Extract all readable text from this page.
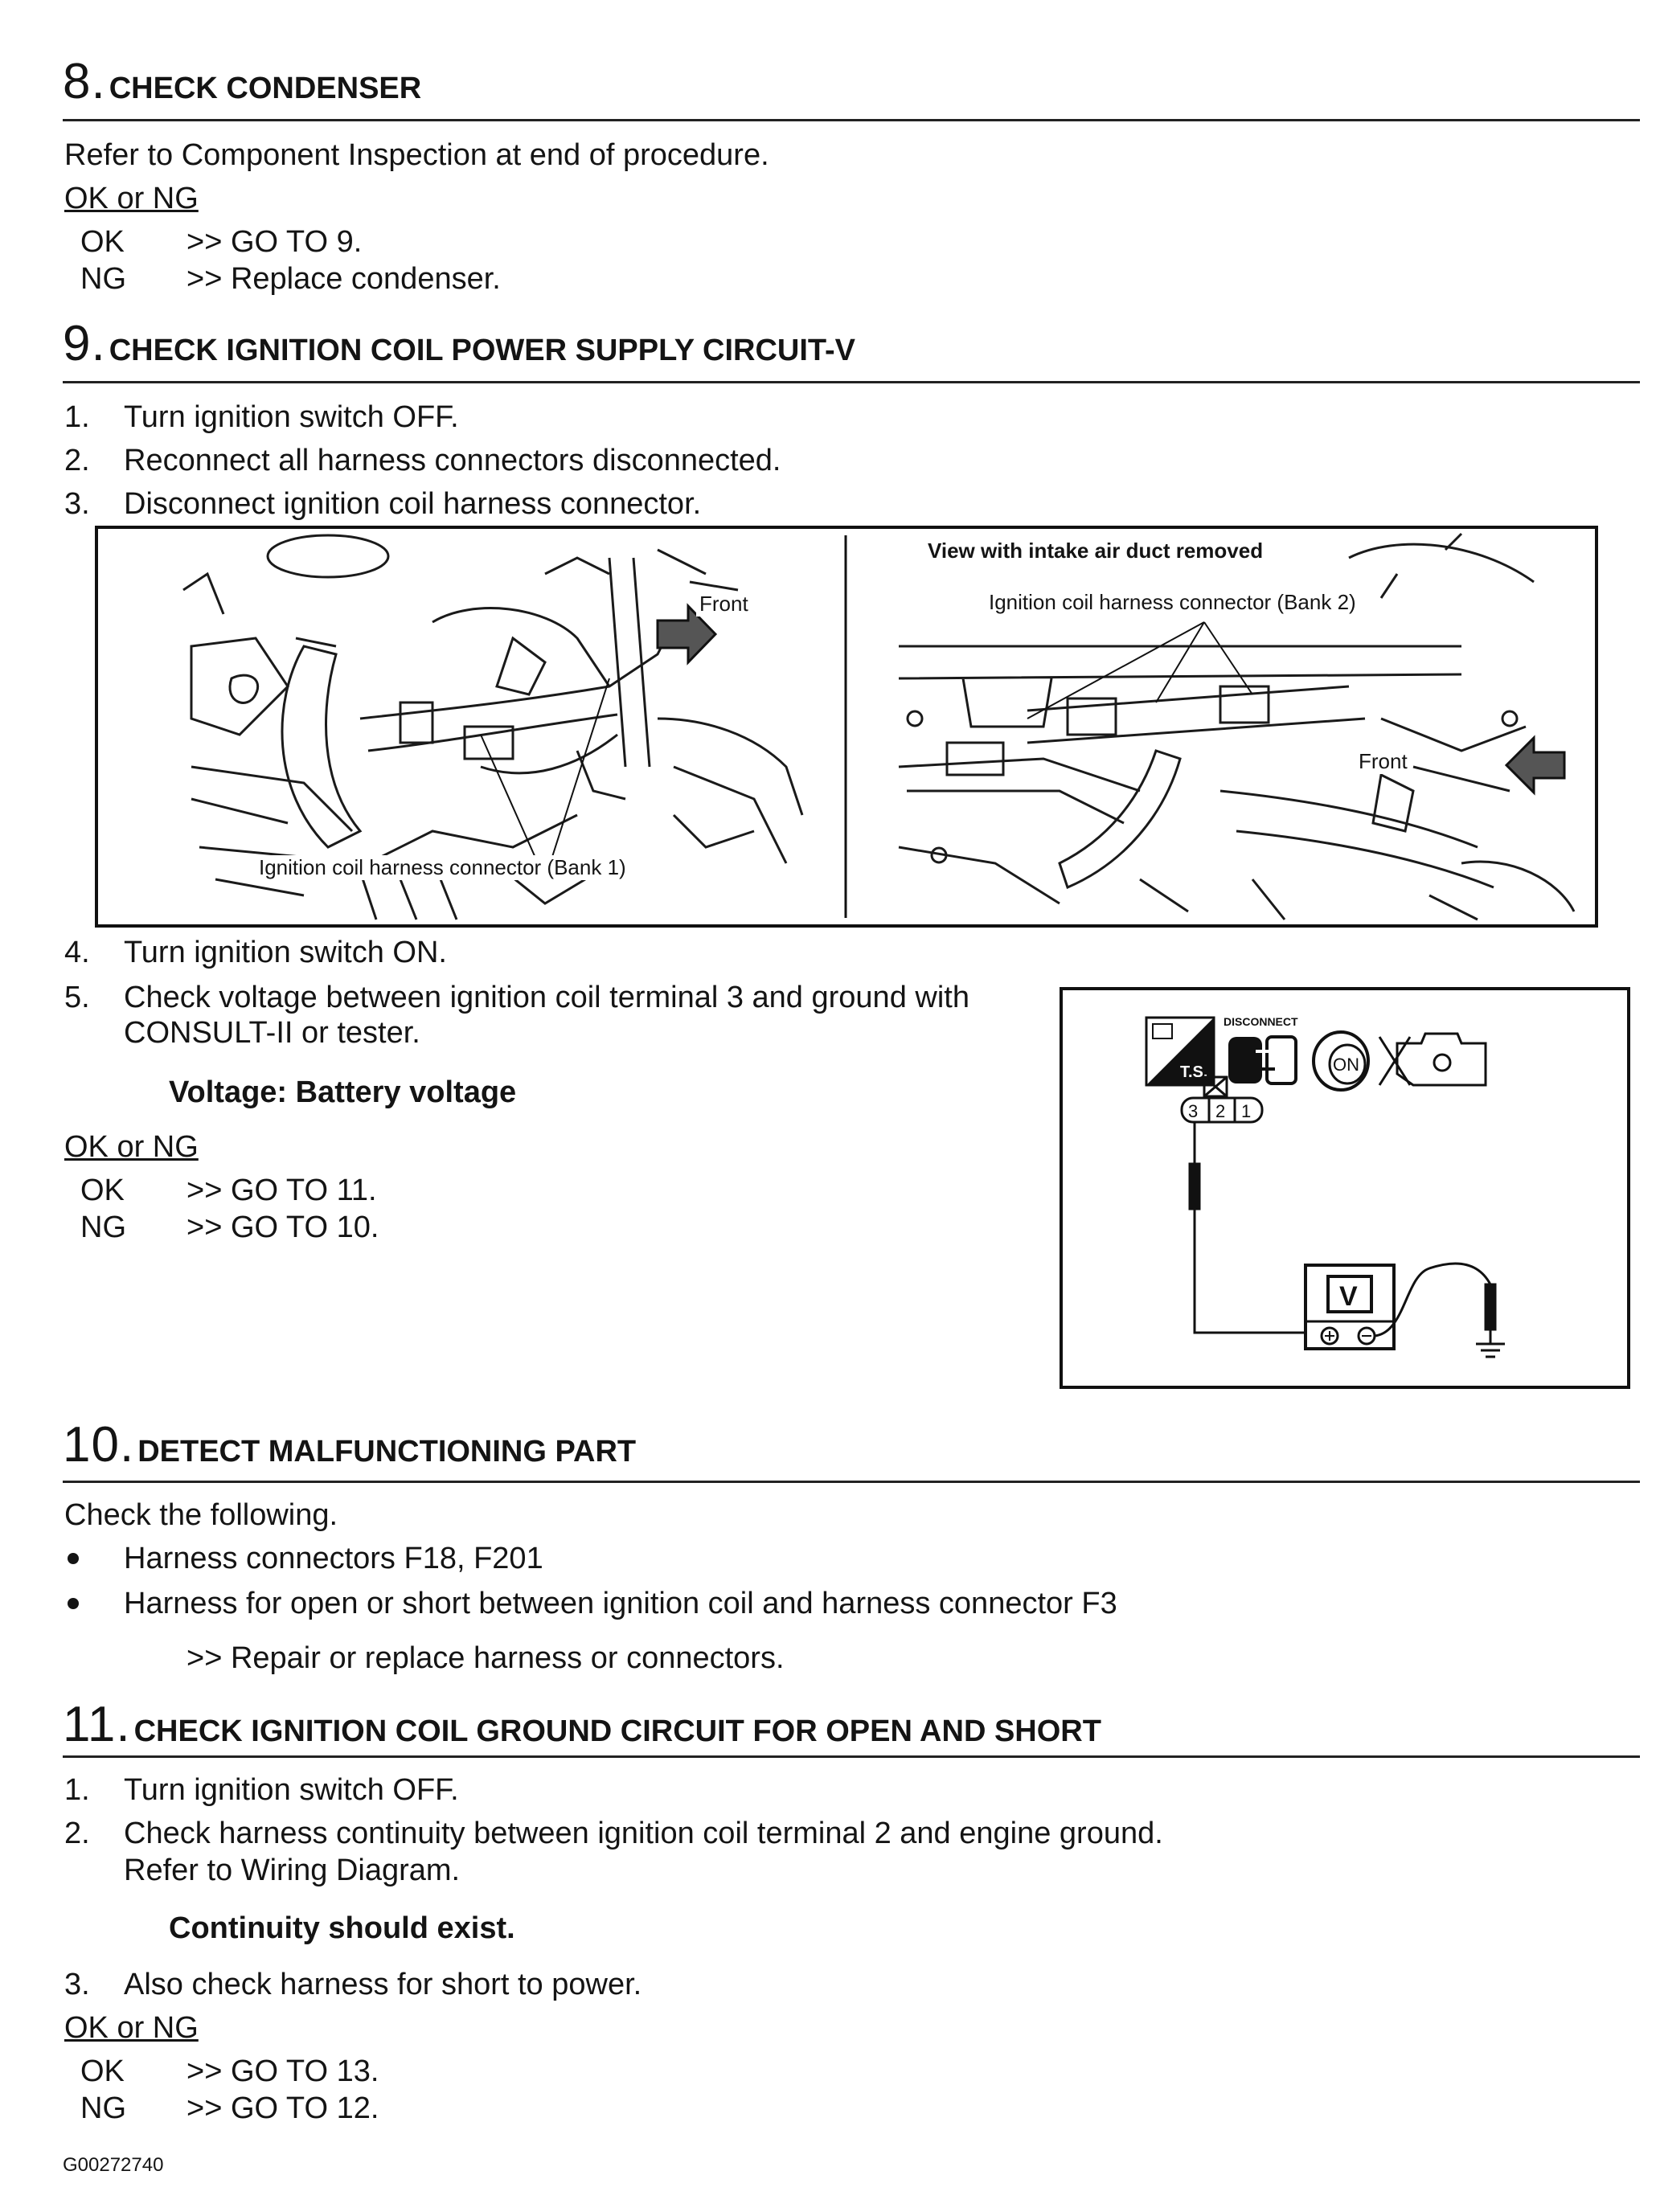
8. CHECK CONDENSER
Refer to Component Inspection at end of procedure.
OK or NG
OK >> GO TO 9.
NG >> Replace condenser.
9. CHECK IGNITION COIL POWER SUPPLY CIRCUIT-V
1. Turn ignition switch OFF.
2. Reconnect all harness connectors disconnected.
3. Disconnect ignition coil harness connector.
Front
Ignition coil harness connector (Bank 1)
View with intake air duct removed
Ignition coil harness connector (Bank 2)
Front
4. Turn ignition switch ON.
5. Check voltage between ignition coil terminal 3 and ground with
CONSULT-II or tester.
Voltage: Battery voltage
OK or NG
OK >> GO TO 11.
NG >> GO TO 10.
T.S.
DISCONNECT
ON
3 2 1
V
10. DETECT MALFUNCTIONING PART
Check the following.
Harness connectors F18, F201
Harness for open or short between ignition coil and harness connector F3
>> Repair or replace harness or connectors.
11. CHECK IGNITION COIL GROUND CIRCUIT FOR OPEN AND SHORT
1. Turn ignition switch OFF.
2. Check harness continuity between ignition coil terminal 2 and engine ground.
Refer to Wiring Diagram.
Continuity should exist.
3. Also check harness for short to power.
OK or NG
OK >> GO TO 13.
NG >> GO TO 12.
G00272740
